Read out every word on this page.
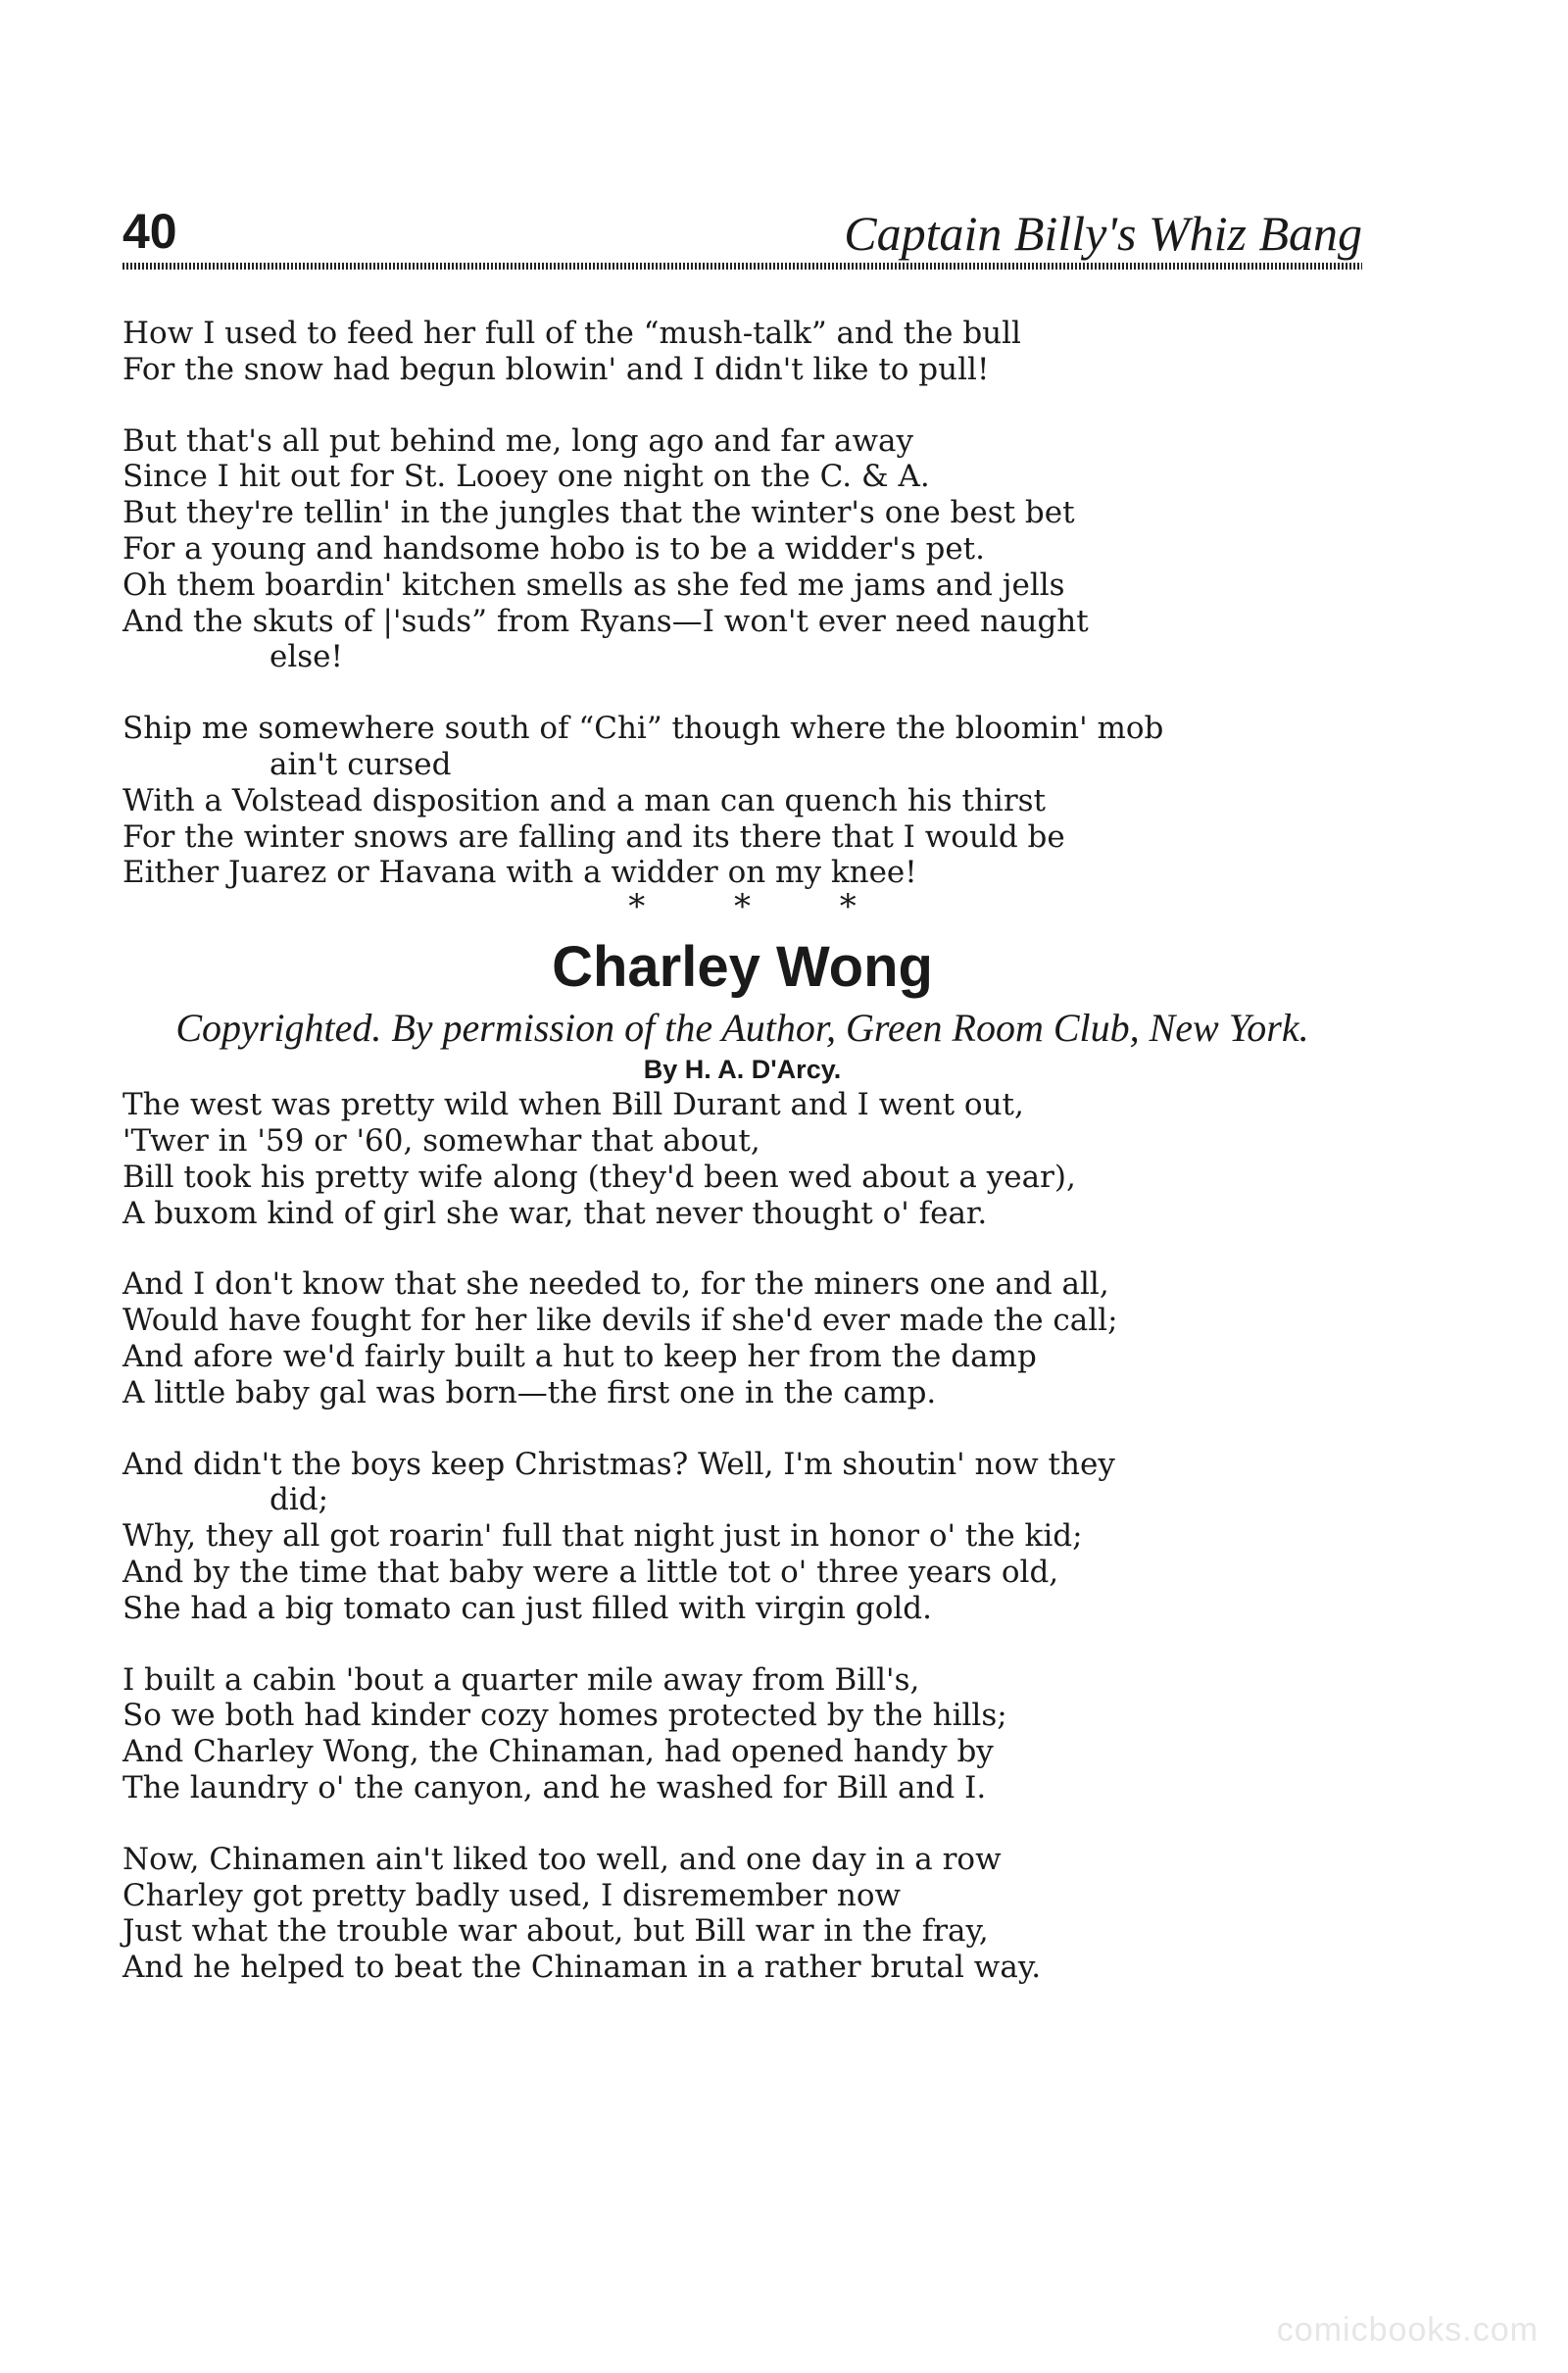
40	Captain Billy's Whiz Bang
How I used to feed her full of the “mush-talk” and the bull
For the snow had begun blowin' and I didn't like to pull!
But that's all put behind me, long ago and far away
Since I hit out for St. Looey one night on the C. & A.
But they're tellin' in the jungles that the winter's one best bet
For a young and handsome hobo is to be a widder's pet.
Oh them boardin' kitchen smells as she fed me jams and jells
And the skuts of |'suds” from Ryans—I won't ever need naught
else!
Ship me somewhere south of “Chi” though where the bloomin' mob
ain't cursed
With a Volstead disposition and a man can quench his thirst
For the winter snows are falling and its there that I would be
Either Juarez or Havana with a widder on my knee!
* * *
Charley Wong
Copyrighted. By permission of the Author, Green Room Club, New York.
By H. A. D'Arcy.
The west was pretty wild when Bill Durant and I went out,
'Twer in '59 or '60, somewhar that about,
Bill took his pretty wife along (they'd been wed about a year),
A buxom kind of girl she war, that never thought o' fear.
And I don't know that she needed to, for the miners one and all,
Would have fought for her like devils if she'd ever made the call;
And afore we'd fairly built a hut to keep her from the damp
A little baby gal was born—the first one in the camp.
And didn't the boys keep Christmas? Well, I'm shoutin' now they
did;
Why, they all got roarin' full that night just in honor o' the kid;
And by the time that baby were a little tot o' three years old,
She had a big tomato can just filled with virgin gold.
I built a cabin 'bout a quarter mile away from Bill's,
So we both had kinder cozy homes protected by the hills;
And Charley Wong, the Chinaman, had opened handy by
The laundry o' the canyon, and he washed for Bill and I.
Now, Chinamen ain't liked too well, and one day in a row
Charley got pretty badly used, I disremember now
Just what the trouble war about, but Bill war in the fray,
And he helped to beat the Chinaman in a rather brutal way.
comicbooks.com
